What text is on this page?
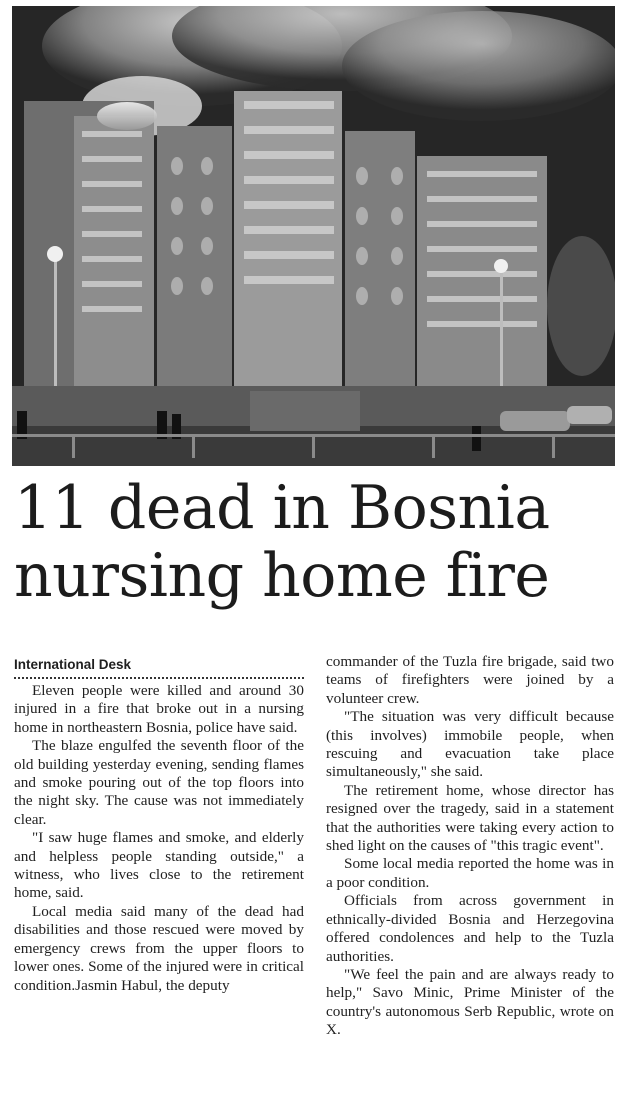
11 dead in Bosnia nursing home fire
International Desk

Eleven people were killed and around 30 injured in a fire that broke out in a nursing home in northeastern Bosnia, police have said.

The blaze engulfed the seventh floor of the old building yesterday evening, sending flames and smoke pouring out of the top floors into the night sky. The cause was not immediately clear.

"I saw huge flames and smoke, and elderly and helpless people standing outside," a witness, who lives close to the retirement home, said.

Local media said many of the dead had disabilities and those rescued were moved by emergency crews from the upper floors to lower ones. Some of the injured were in critical condition.Jasmin Habul, the deputy

commander of the Tuzla fire brigade, said two teams of firefighters were joined by a volunteer crew.

"The situation was very difficult because (this involves) immobile people, when rescuing and evacuation take place simultaneously," she said.

The retirement home, whose director has resigned over the tragedy, said in a statement that the authorities were taking every action to shed light on the causes of "this tragic event".

Some local media reported the home was in a poor condition.

Officials from across government in ethnically-divided Bosnia and Herzegovina offered condolences and help to the Tuzla authorities.

"We feel the pain and are always ready to help," Savo Minic, Prime Minister of the country's autonomous Serb Republic, wrote on X.
